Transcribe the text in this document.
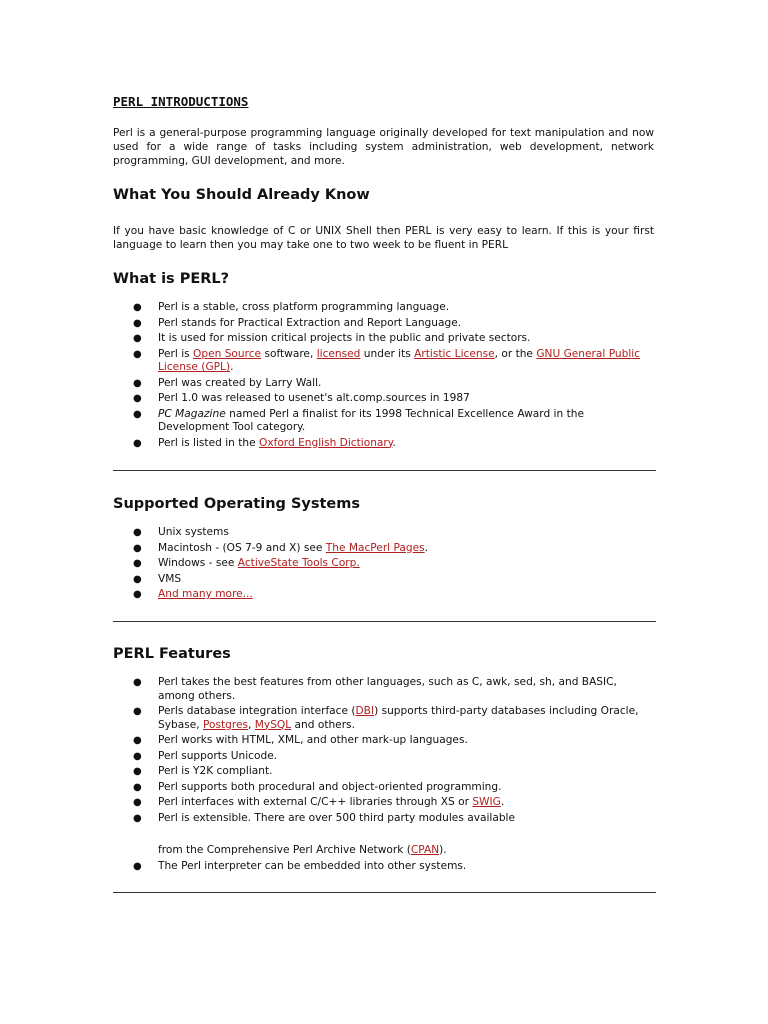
PERL INTRODUCTIONS

Perl is a general-purpose programming language originally developed for text manipulation and now used for a wide range of tasks including system administration, web development, network programming, GUI development, and more.

What You Should Already Know

If you have basic knowledge of C or UNIX Shell then PERL is very easy to learn. If this is your first language to learn then you may take one to two week to be fluent in PERL

What is PERL?
● Perl is a stable, cross platform programming language.
● Perl stands for Practical Extraction and Report Language.
● It is used for mission critical projects in the public and private sectors.
● Perl is Open Source software, licensed under its Artistic License, or the GNU General Public License (GPL).
● Perl was created by Larry Wall.
● Perl 1.0 was released to usenet's alt.comp.sources in 1987
● PC Magazine named Perl a finalist for its 1998 Technical Excellence Award in the Development Tool category.
● Perl is listed in the Oxford English Dictionary.
Supported Operating Systems
● Unix systems
● Macintosh - (OS 7-9 and X) see The MacPerl Pages.
● Windows - see ActiveState Tools Corp.
● VMS
● And many more...
PERL Features
● Perl takes the best features from other languages, such as C, awk, sed, sh, and BASIC, among others.
● Perls database integration interface (DBI) supports third-party databases including Oracle, Sybase, Postgres, MySQL and others.
● Perl works with HTML, XML, and other mark-up languages.
● Perl supports Unicode.
● Perl is Y2K compliant.
● Perl supports both procedural and object-oriented programming.
● Perl interfaces with external C/C++ libraries through XS or SWIG.
● Perl is extensible. There are over 500 third party modules available
from the Comprehensive Perl Archive Network (CPAN).
● The Perl interpreter can be embedded into other systems.
